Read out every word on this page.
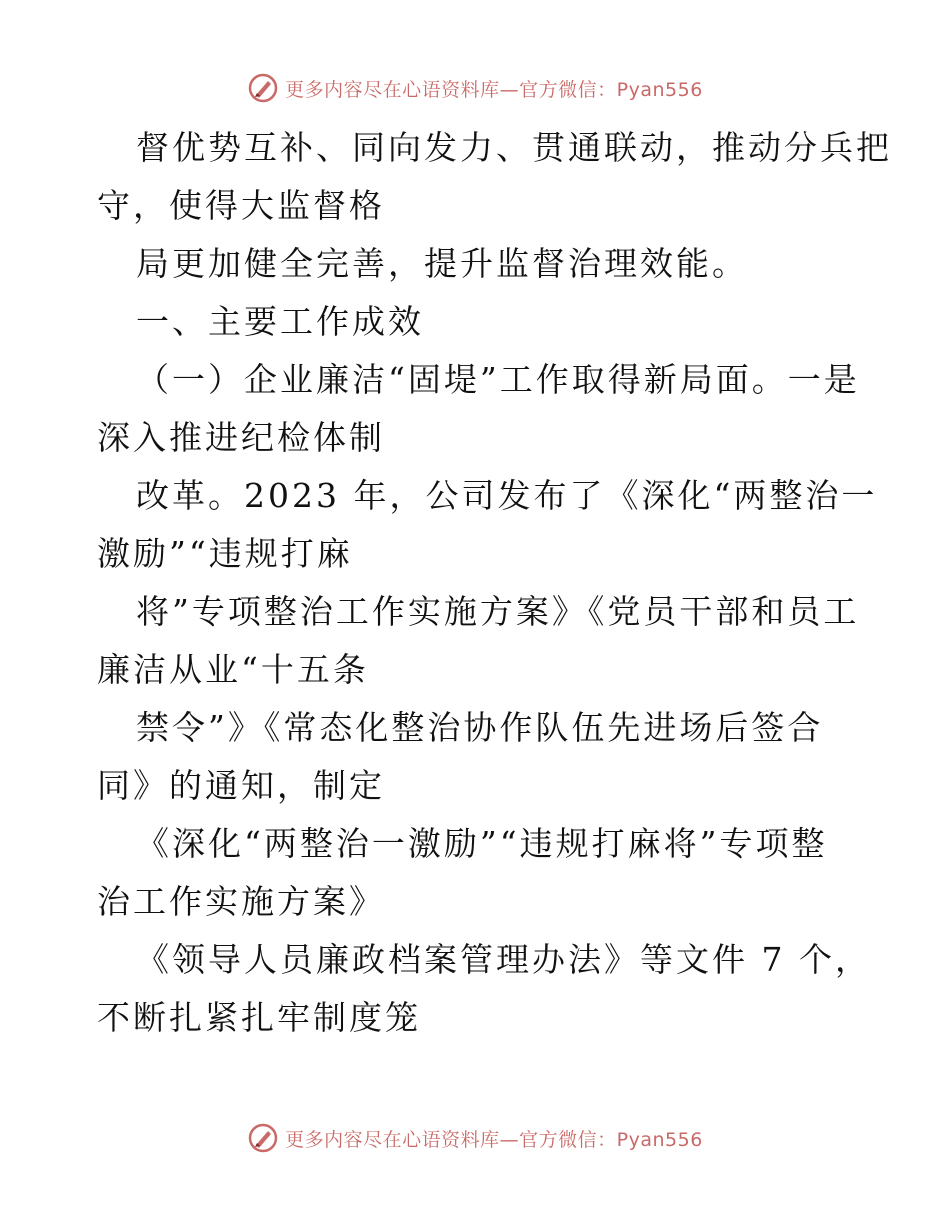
更多内容尽在心语资料库—官方微信：Pyan556
督优势互补、同向发力、贯通联动，推动分兵把
守，使得大监督格
局更加健全完善，提升监督治理效能。
一、主要工作成效
（一）企业廉洁“固堤”工作取得新局面。一是
深入推进纪检体制
改革。2023 年，公司发布了《深化“两整治一
激励”“违规打麻
将”专项整治工作实施方案》《党员干部和员工
廉洁从业“十五条
禁令”》《常态化整治协作队伍先进场后签合
同》的通知，制定
《深化“两整治一激励”“违规打麻将”专项整
治工作实施方案》
《领导人员廉政档案管理办法》等文件 7 个，
不断扎紧扎牢制度笼
更多内容尽在心语资料库—官方微信：Pyan556
